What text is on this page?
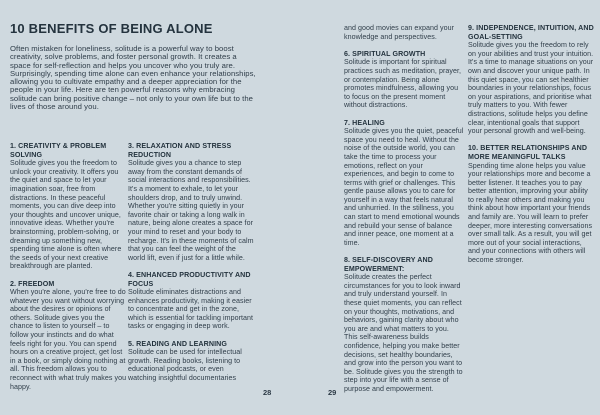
10 BENEFITS OF BEING ALONE

Often mistaken for loneliness, solitude is a powerful way to boost creativity, solve problems, and foster personal growth. It creates a space for self-reflection and helps you uncover who you truly are. Surprisingly, spending time alone can even enhance your relationships, allowing you to cultivate empathy and a deeper appreciation for the people in your life. Here are ten powerful reasons why embracing solitude can bring positive change – not only to your own life but to the lives of those around you.

1. CREATIVITY & PROBLEM SOLVING

Solitude gives you the freedom to unlock your creativity. It offers you the quiet and space to let your imagination soar, free from distractions. In these peaceful moments, you can dive deep into your thoughts and uncover unique, innovative ideas. Whether you're brainstorming, problem-solving, or dreaming up something new, spending time alone is often where the seeds of your next creative breakthrough are planted.

2. FREEDOM

When you're alone, you're free to do whatever you want without worrying about the desires or opinions of others. Solitude gives you the chance to listen to yourself – to follow your instincts and do what feels right for you. You can spend hours on a creative project, get lost in a book, or simply doing nothing at all. This freedom allows you to reconnect with what truly makes you happy.

3. RELAXATION AND STRESS REDUCTION

Solitude gives you a chance to step away from the constant demands of social interactions and responsibilities. It's a moment to exhale, to let your shoulders drop, and to truly unwind. Whether you're sitting quietly in your favorite chair or taking a long walk in nature, being alone creates a space for your mind to reset and your body to recharge. It's in these moments of calm that you can feel the weight of the world lift, even if just for a little while.

4. ENHANCED PRODUCTIVITY AND FOCUS

Solitude eliminates distractions and enhances productivity, making it easier to concentrate and get in the zone, which is essential for tackling important tasks or engaging in deep work.

5. READING AND LEARNING

Solitude can be used for intellectual growth. Reading books, listening to educational podcasts, or even watching insightful documentaries

and good movies can expand your knowledge and perspectives.

6. SPIRITUAL GROWTH

Solitude is important for spiritual practices such as meditation, prayer, or contemplation. Being alone promotes mindfulness, allowing you to focus on the present moment without distractions.

7. HEALING

Solitude gives you the quiet, peaceful space you need to heal. Without the noise of the outside world, you can take the time to process your emotions, reflect on your experiences, and begin to come to terms with grief or challenges. This gentle pause allows you to care for yourself in a way that feels natural and unhurried. In the stillness, you can start to mend emotional wounds and rebuild your sense of balance and inner peace, one moment at a time.

8. SELF-DISCOVERY AND EMPOWERMENT:

Solitude creates the perfect circumstances for you to look inward and truly understand yourself. In these quiet moments, you can reflect on your thoughts, motivations, and behaviors, gaining clarity about who you are and what matters to you. This self-awareness builds confidence, helping you make better decisions, set healthy boundaries, and grow into the person you want to be. Solitude gives you the strength to step into your life with a sense of purpose and empowerment.

9. INDEPENDENCE, INTUITION, AND GOAL-SETTING

Solitude gives you the freedom to rely on your abilities and trust your intuition. It's a time to manage situations on your own and discover your unique path. In this quiet space, you can set healthier boundaries in your relationships, focus on your aspirations, and prioritise what truly matters to you. With fewer distractions, solitude helps you define clear, intentional goals that support your personal growth and well-being.

10. BETTER RELATIONSHIPS AND MORE MEANINGFUL TALKS

Spending time alone helps you value your relationships more and become a better listener. It teaches you to pay better attention, improving your ability to really hear others and making you think about how important your friends and family are. You will learn to prefer deeper, more interesting conversations over small talk. As a result, you will get more out of your social interactions, and your connections with others will become stronger.

28	29
